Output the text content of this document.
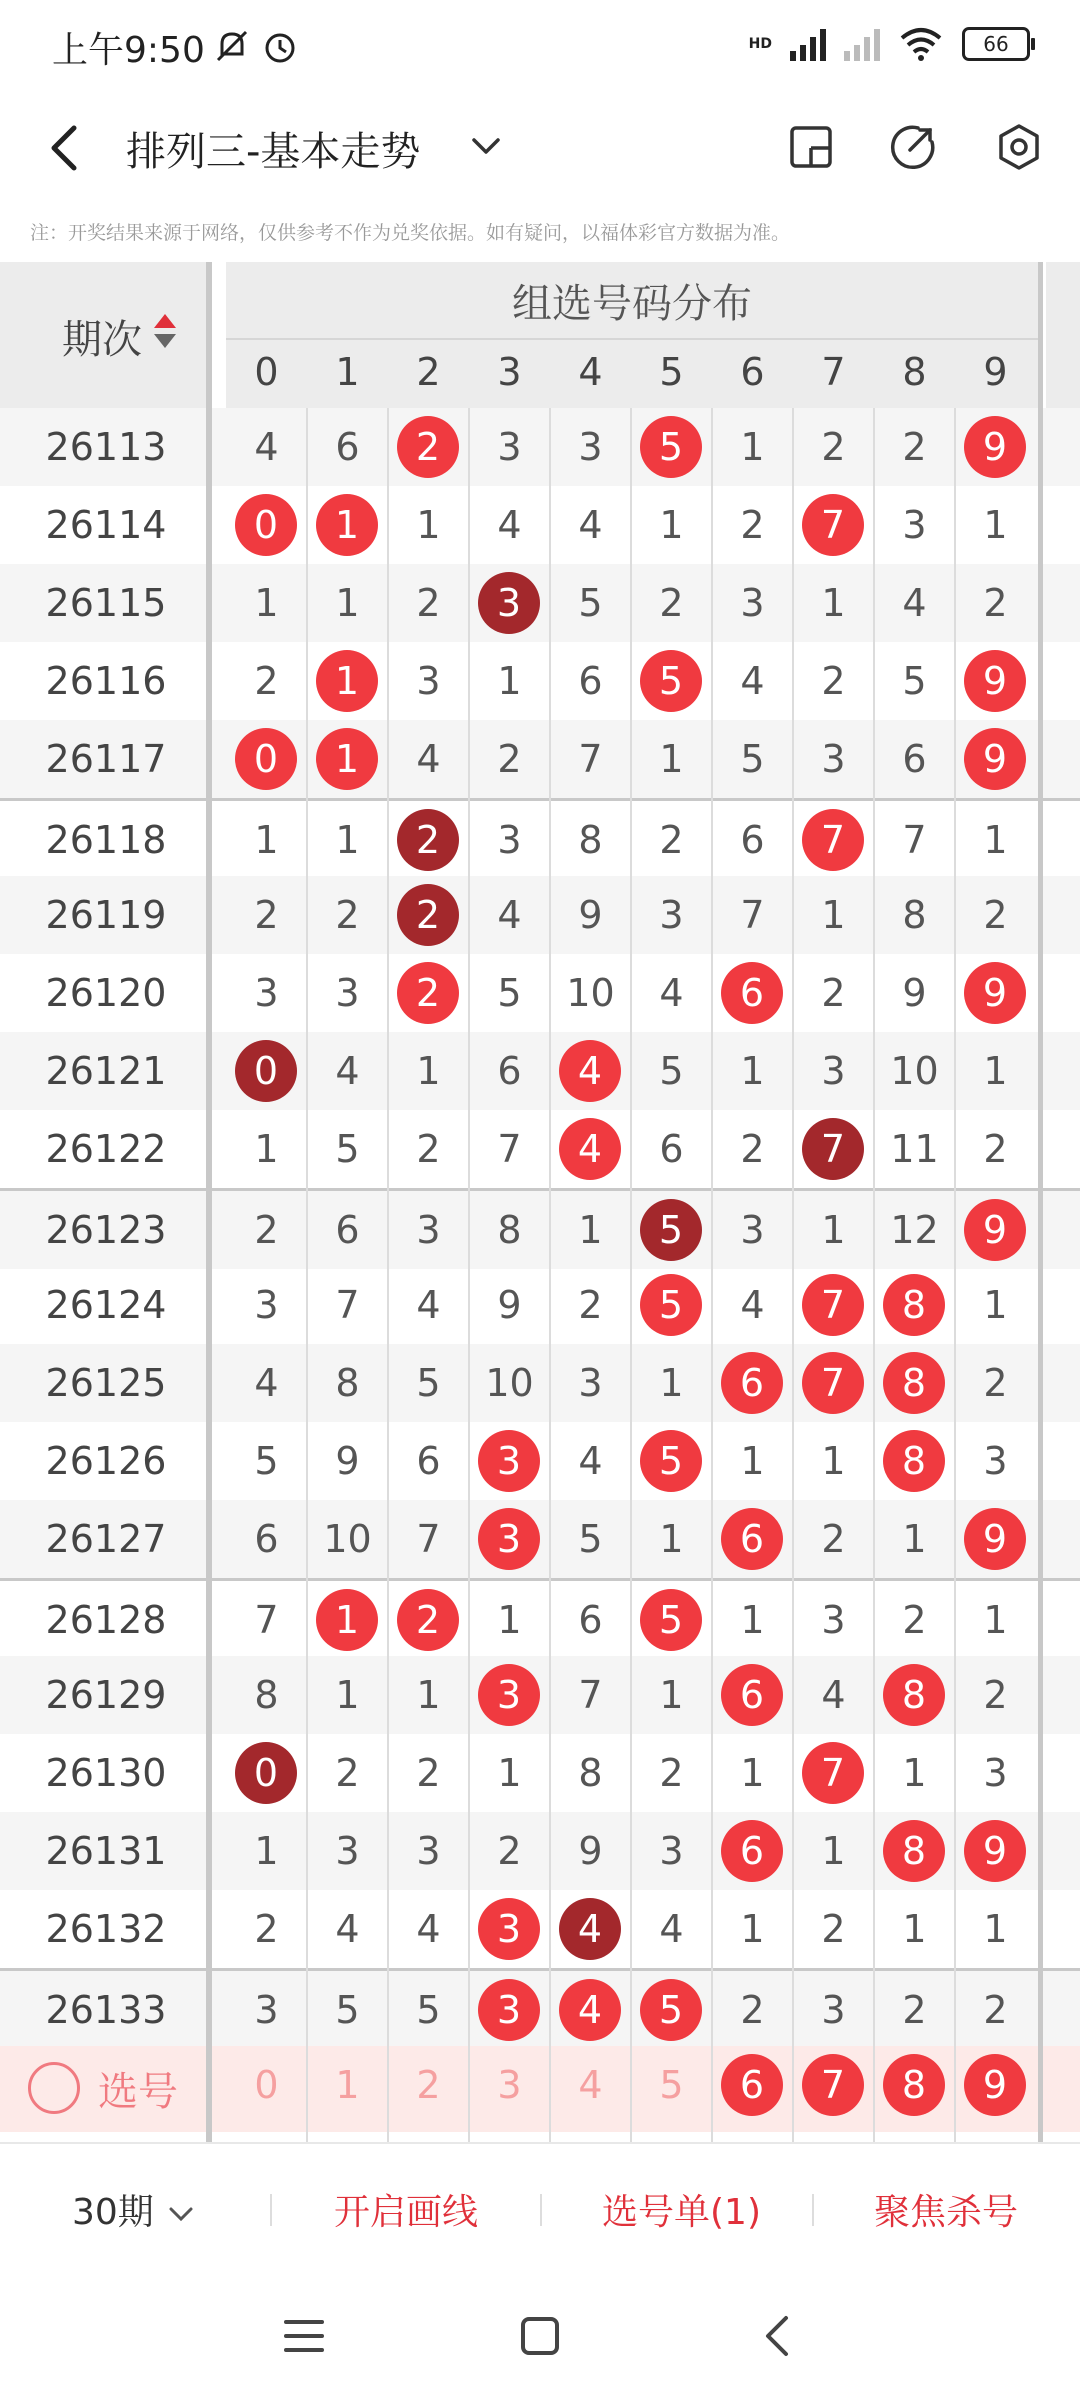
上午9:50	HD	66
排列三-基本走势
注：开奖结果来源于网络，仅供参考不作为兑奖依据。如有疑问，以福体彩官方数据为准。
期次
组选号码分布
0	1	2	3	4	5	6	7	8	9
26113	4	6	2	3	3	5	1	2	2	9
26114	0	1	1	4	4	1	2	7	3	1
26115	1	1	2	3	5	2	3	1	4	2
26116	2	1	3	1	6	5	4	2	5	9
26117	0	1	4	2	7	1	5	3	6	9
26118	1	1	2	3	8	2	6	7	7	1
26119	2	2	2	4	9	3	7	1	8	2
26120	3	3	2	5	10	4	6	2	9	9
26121	0	4	1	6	4	5	1	3	10	1
26122	1	5	2	7	4	6	2	7	11	2
26123	2	6	3	8	1	5	3	1	12	9
26124	3	7	4	9	2	5	4	7	8	1
26125	4	8	5	10	3	1	6	7	8	2
26126	5	9	6	3	4	5	1	1	8	3
26127	6	10	7	3	5	1	6	2	1	9
26128	7	1	2	1	6	5	1	3	2	1
26129	8	1	1	3	7	1	6	4	8	2
26130	0	2	2	1	8	2	1	7	1	3
26131	1	3	3	2	9	3	6	1	8	9
26132	2	4	4	3	4	4	1	2	1	1
26133	3	5	5	3	4	5	2	3	2	2
选号	0	1	2	3	4	5	6	7	8	9
30期	开启画线	选号单(1)	聚焦杀号
